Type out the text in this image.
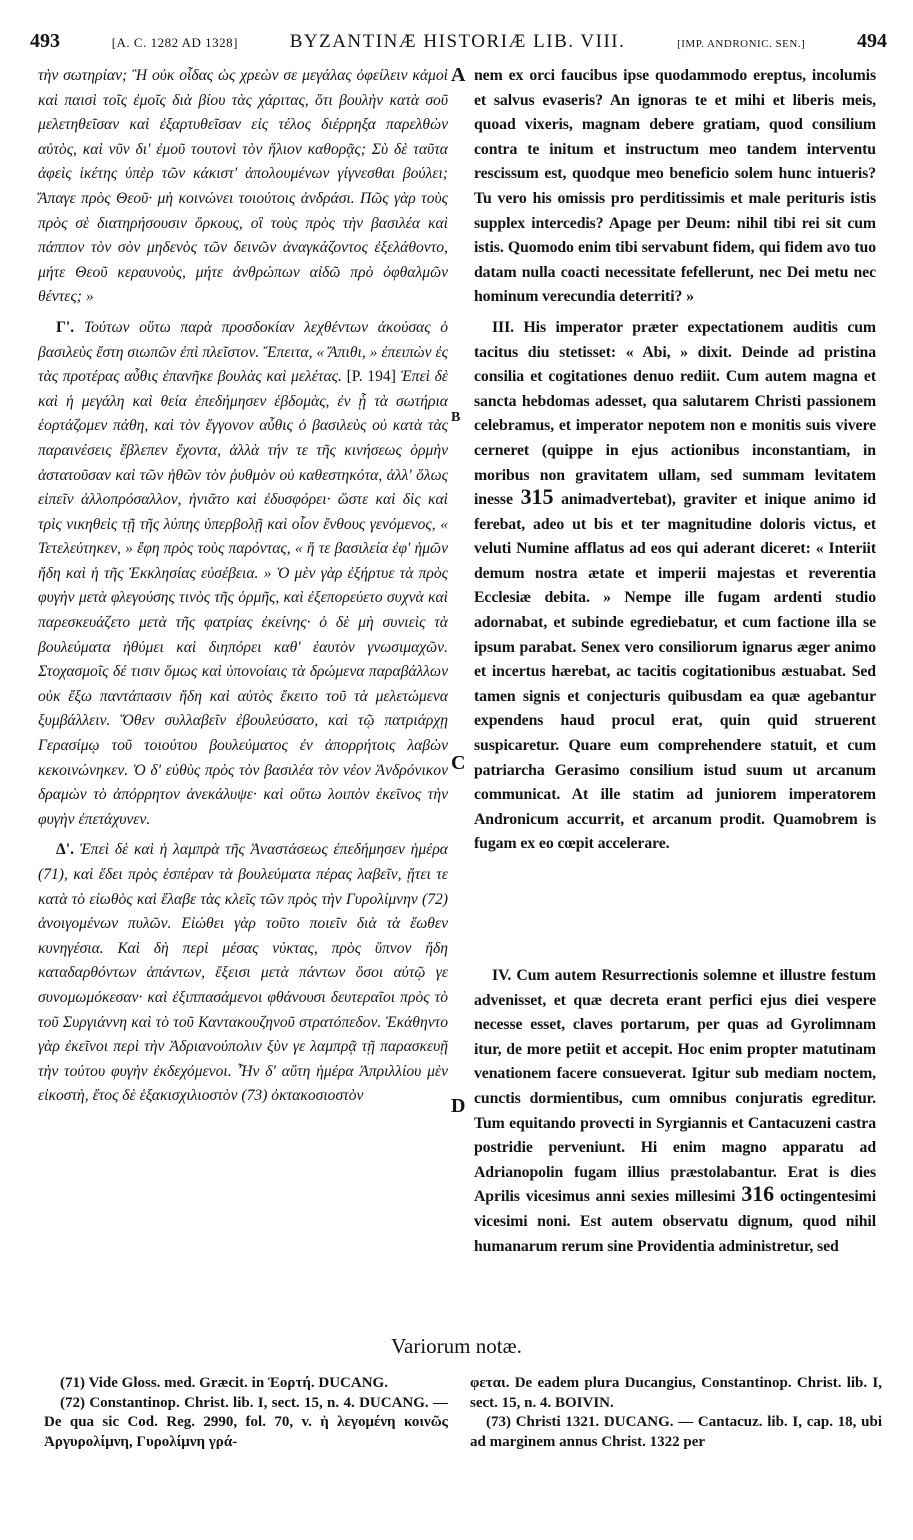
493	[A. C. 1282 AD 1328]	BYZANTINÆ HISTORIÆ LIB. VIII.	[IMP. ANDRONIC. SEN.]	494
A
B
C
D

τὴν σωτηρίαν; Ἢ οὐκ οἶδας ὡς χρεὼν σε μεγάλας ὀφείλειν κάμοὶ καὶ παισὶ τοῖς ἐμοῖς διὰ βίου τὰς χάριτας, ὅτι βουλὴν κατὰ σοῦ μελετηθεῖσαν καὶ ἐξαρτυθεῖσαν εἰς τέλος διέρρηξα παρελθὼν αὐτὸς, καὶ νῦν δι' ἐμοῦ τουτονὶ τὸν ἥλιον καθορᾷς; Σὺ δὲ ταῦτα ἀφεὶς ἱκέτης ὑπὲρ τῶν κάκιστ' ἀπολουμένων γίγνεσθαι βούλει; Ἄπαγε πρὸς Θεοῦ· μὴ κοινώνει τοιούτοις ἀνδράσι. Πῶς γὰρ τοὺς πρὸς σὲ διατηρήσουσιν ὅρκους, οἳ τοὺς πρὸς τὴν βασιλέα καὶ πάππον τὸν σὸν μηδενὸς τῶν δεινῶν ἀναγκάζοντος ἐξελάθοντο, μήτε Θεοῦ κεραυνοὺς, μήτε ἀνθρώπων αἰδῶ πρὸ ὀφθαλμῶν θέντες; »

Γ'. Τούτων οὕτω παρὰ προσδοκίαν λεχθέντων ἀκούσας ὁ βασιλεὺς ἔστη σιωπῶν ἐπὶ πλεῖστον. Ἔπειτα, « Ἄπιθι, » ἐπειπὼν ἐς τὰς προτέρας αὖθις ἐπανῆκε βουλὰς καὶ μελέτας. [P. 194] Ἐπεὶ δὲ καὶ ἡ μεγάλη καὶ θεία ἐπεδήμησεν ἑβδομὰς, ἐν ᾗ τὰ σωτήρια ἑορτάζομεν πάθη, καὶ τὸν ἔγγονον αὖθις ὁ βασιλεὺς οὐ κατὰ τὰς παραινέσεις ἔβλεπεν ἔχοντα, ἀλλὰ τήν τε τῆς κινήσεως ὁρμὴν ἀστατοῦσαν καὶ τῶν ἠθῶν τὸν ῥυθμὸν οὐ καθεστηκότα, ἀλλ' ὅλως εἰπεῖν ἀλλοπρόσαλλον, ἠνιᾶτο καὶ ἐδυσφόρει· ὥστε καὶ δὶς καὶ τρὶς νικηθεὶς τῇ τῆς λύπης ὑπερβολῇ καὶ οἷον ἔνθους γενόμενος, « Τετελεύτηκεν, » ἔφη πρὸς τοὺς παρόντας, « ἥ τε βασιλεία ἐφ' ἡμῶν ἤδη καὶ ἡ τῆς Ἐκκλησίας εὐσέβεια. » Ὁ μὲν γὰρ ἐξήρτυε τὰ πρὸς φυγὴν μετὰ φλεγούσης τινὸς τῆς ὁρμῆς, καὶ ἐξεπορεύετο συχνὰ καὶ παρεσκευάζετο μετὰ τῆς φατρίας ἐκείνης· ὁ δὲ μὴ συνιεὶς τὰ βουλεύματα ἠθύμει καὶ διηπόρει καθ' ἑαυτὸν γνωσιμαχῶν. Στοχασμοῖς δέ τισιν ὅμως καὶ ὑπονοίαις τὰ δρώμενα παραβάλλων οὐκ ἔξω παντάπασιν ἤδη καὶ αὐτὸς ἔκειτο τοῦ τὰ μελετώμενα ξυμβάλλειν. Ὅθεν συλλαβεῖν ἐβουλεύσατο, καὶ τῷ πατριάρχῃ Γερασίμῳ τοῦ τοιούτου βουλεύματος ἐν ἀπορρήτοις λαβὼν κεκοινώνηκεν. Ὁ δ' εὐθὺς πρὸς τὸν βασιλέα τὸν νέον Ἀνδρόνικον δραμὼν τὸ ἀπόρρητον ἀνεκάλυψε· καὶ οὕτω λοιπὸν ἐκεῖνος τὴν φυγὴν ἐπετάχυνεν.

Δ'. Ἐπεὶ δὲ καὶ ἡ λαμπρὰ τῆς Ἀναστάσεως ἐπεδήμησεν ἡμέρα (71), καὶ ἔδει πρὸς ἑσπέραν τὰ βουλεύματα πέρας λαβεῖν, ᾔτει τε κατὰ τὸ εἰωθὸς καὶ ἔλαβε τὰς κλεῖς τῶν πρὸς τὴν Γυρολίμνην (72) ἀνοιγομένων πυλῶν. Εἰώθει γὰρ τοῦτο ποιεῖν διὰ τὰ ἕωθεν κυνηγέσια. Καὶ δὴ περὶ μέσας νύκτας, πρὸς ὕπνον ἤδη καταδαρθόντων ἁπάντων, ἔξεισι μετὰ πάντων ὅσοι αὐτῷ γε συνομωμόκεσαν· καὶ ἐξιππασάμενοι φθάνουσι δευτεραῖοι πρὸς τὸ τοῦ Συργιάννη καὶ τὸ τοῦ Καντακουζηνοῦ στρατόπεδον. Ἐκάθηντο γὰρ ἐκεῖνοι περὶ τὴν Ἀδριανούπολιν ξὺν γε λαμπρᾷ τῇ παρασκευῇ τὴν τούτου φυγὴν ἐκδεχόμενοι. Ἦν δ' αὕτη ἡμέρα Ἀπριλλίου μὲν εἰκοστὴ, ἔτος δὲ ἑξακισχιλιοστὸν (73) ὀκτακοσιοστὸν

nem ex orci faucibus ipse quodammodo ereptus, incolumis et salvus evaseris? An ignoras te et mihi et liberis meis, quoad vixeris, magnam debere gratiam, quod consilium contra te initum et instructum meo tandem interventu rescissum est, quodque meo beneficio solem hunc intueris? Tu vero his omissis pro perditissimis et male perituris istis supplex intercedis? Apage per Deum: nihil tibi rei sit cum istis. Quomodo enim tibi servabunt fidem, qui fidem avo tuo datam nulla coacti necessitate fefellerunt, nec Dei metu nec hominum verecundia deterriti? »

III. His imperator præter expectationem auditis cum tacitus diu stetisset: « Abi, » dixit. Deinde ad pristina consilia et cogitationes denuo rediit. Cum autem magna et sancta hebdomas adesset, qua salutarem Christi passionem celebramus, et imperator nepotem non e monitis suis vivere cerneret (quippe in ejus actionibus inconstantiam, in moribus non gravitatem ullam, sed summam levitatem inesse 315 animadvertebat), graviter et inique animo id ferebat, adeo ut bis et ter magnitudine doloris victus, et veluti Numine afflatus ad eos qui aderant diceret: « Interiit demum nostra ætate et imperii majestas et reverentia Ecclesiæ debita. » Nempe ille fugam ardenti studio adornabat, et subinde egrediebatur, et cum factione illa se ipsum parabat. Senex vero consiliorum ignarus æger animo et incertus hærebat, ac tacitis cogitationibus æstuabat. Sed tamen signis et conjecturis quibusdam ea quæ agebantur expendens haud procul erat, quin quid struerent suspicaretur. Quare eum comprehendere statuit, et cum patriarcha Gerasimo consilium istud suum ut arcanum communicat. At ille statim ad juniorem imperatorem Andronicum accurrit, et arcanum prodit. Quamobrem is fugam ex eo cœpit accelerare.

IV. Cum autem Resurrectionis solemne et illustre festum advenisset, et quæ decreta erant perfici ejus diei vespere necesse esset, claves portarum, per quas ad Gyrolimnam itur, de more petiit et accepit. Hoc enim propter matutinam venationem facere consueverat. Igitur sub mediam noctem, cunctis dormientibus, cum omnibus conjuratis egreditur. Tum equitando provecti in Syrgiannis et Cantacuzeni castra postridie perveniunt. Hi enim magno apparatu ad Adrianopolin fugam illius præstolabantur. Erat is dies Aprilis vicesimus anni sexies millesimi 316 octingentesimi vicesimi noni. Est autem observatu dignum, quod nihil humanarum rerum sine Providentia administretur, sed

Variorum notæ.

(71) Vide Gloss. med. Græcit. in Ἑορτή. DUCANG.

(72) Constantinop. Christ. lib. I, sect. 15, n. 4. DUCANG. — De qua sic Cod. Reg. 2990, fol. 70, v. ἡ λεγομένη κοινῶς Ἀργυρολίμνη, Γυρολίμνη γρά-

φεται. De eadem plura Ducangius, Constantinop. Christ. lib. I, sect. 15, n. 4. BOIVIN.

(73) Christi 1321. DUCANG. — Cantacuz. lib. I, cap. 18, ubi ad marginem annus Christ. 1322 per
